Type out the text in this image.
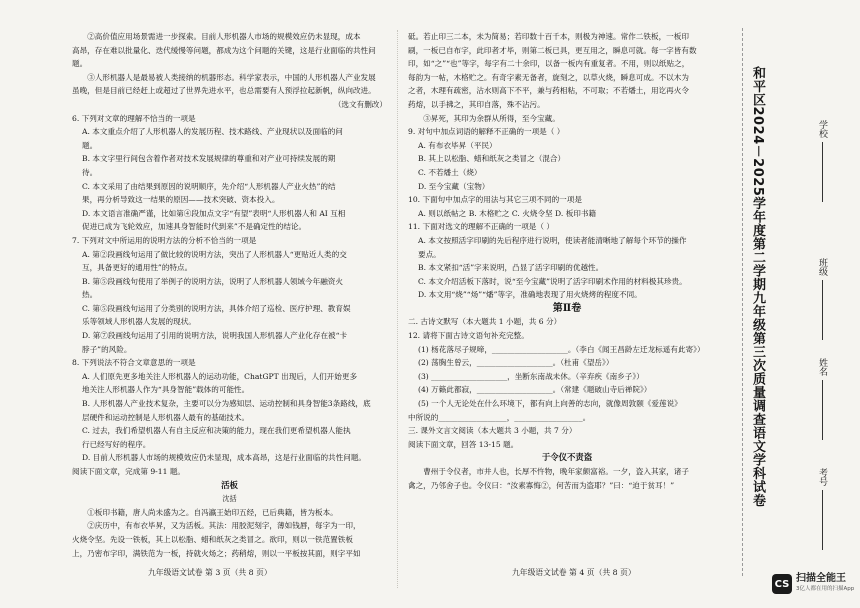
②高价值应用场景需进一步探索。目前人形机器人市场的规模效应仍未显现，成本

高昂，存在难以批量化、迭代缓慢等问题，都成为这个问题的关键，这是行业面临的共性问题。

③人形机器人是最易被人类接纳的机器形态。科学家表示，中国的人形机器人产业发展

虽晚，但是目前已经赶上或超过了世界先进水平，也总需要有人预浮拉起新帆，纵向改进。

（选文有删改）

6. 下列对文章的理解不恰当的一项是

A. 本文重点介绍了人形机器人的发展历程、技术路线、产业现状以及面临的问

题。

B. 本文字里行间包含着作者对技术发展规律的尊重和对产业可持续发展的期

待。

C. 本文采用了由结果到原因的说明顺序，先介绍“人形机器人产业火热”的结

果，再分析导致这一结果的原因——技术突破、资本投入。

D. 本文语言准确严谨，比如第④段加点文字“有望”表明“人形机器人和 AI 互相

促进已成为飞轮效应，加速具身智能时代到来”不是确定性的结论。

7. 下列对文中所运用的说明方法的分析不恰当的一项是

A. 第②段画线句运用了做比较的说明方法，突出了人形机器人“更贴近人类的交

互，具备更好的通用性”的特点。

B. 第⑤段画线句使用了举例子的说明方法，说明了人形机器人领域今年融资火

热。

C. 第⑤段画线句运用了分类别的说明方法，具体介绍了巡检、医疗护理、教育娱

乐等领域人形机器人发展的现状。

D. 第⑦段画线句运用了引用的说明方法，说明我国人形机器人产业化存在被“卡

脖子”的风险。

8. 下列说法不符合文章意思的一项是

A. 人们原先更多地关注人形机器人的运动功能，ChatGPT 出现后，人们开始更多

地关注人形机器人作为“具身智能”载体的可能性。

B. 人形机器人产业技术复杂，主要可以分为感知层、运动控制和具身智能3条路线，底

层硬件和运动控制是人形机器人最有的基础技术。

C. 过去，我们希望机器人有自主反应和决策的能力，现在我们更希望机器人能执

行已经写好的程序。

D. 目前人形机器人市场的规模效应仍未显现，成本高昂，这是行业面临的共性问题。

阅读下面文章，完成第 9-11 题。

活板

沈括

①板印书籍，唐人尚未盛为之。自冯瀛王始印五经，已后典籍，皆为板本。

②庆历中，有布衣毕昇，又为活板。其法：用胶泥刻字，薄如钱唇，每字为一印，

火烧令坚。先设一铁板，其上以松脂、蜡和纸灰之类冒之。欲印，则以一铁范置铁板

上，乃密布字印，满铁范为一板，持就火炀之；药稍熔，则以一平板按其面，则字平如

砥。若止印三二本，未为简易；若印数十百千本，则极为神速。常作二铁板，一板印

刷，一板已自布字，此印者才毕，则第二板已具，更互用之，瞬息可就。每一字皆有数

印，如“之”“也”等字，每字有二十余印，以备一板内有重复者。不用，则以纸贴之，

每韵为一帖，木格贮之。有奇字素无备者，旋刻之，以草火烧，瞬息可成。不以木为

之者，木理有疏密，沾水则高下不平，兼与药相粘，不可取；不若燔土，用讫再火令

药熔，以手拂之，其印自落，殊不沾污。

③昇死，其印为余群从所得，至今宝藏。

9. 对句中加点词语的解释不正确的一项是（ ）

A. 有布衣毕昇（平民）

B. 其上以松脂、蜡和纸灰之类冒之（混合）

C. 不若燔土（烧）

D. 至今宝藏（宝物）

10. 下面句中加点字的用法与其它三项不同的一项是

A. 则以纸帖之 B. 木格贮之 C. 火烧令坚 D. 板印书籍

11. 下面对选文的理解不正确的一项是（ ）

A. 本文按照活字印刷的先后程序进行说明，使读者能清晰地了解每个环节的操作

要点。

B. 本文紧扣“活”字来说明，凸显了活字印刷的优越性。

C. 本文介绍活板下落时，说“至今宝藏”说明了活字印刷术作用的材料极其珍贵。

D. 本文用“烧”“炀”“燔”等字，准确地表现了用火烧烤的程度不同。

第Ⅱ卷

二. 古诗文默写（本大题共 1 小题，共 6 分）

12. 请将下面古诗文语句补充完整。

(1) 杨花落尽子规啼，____________________。（李白《闻王昌龄左迁龙标遥有此寄》）

(2) 荡胸生曾云，____________________。（杜甫《望岳》）

(3) ____________________，坐断东南战未休。（辛弃疾《南乡子》）

(4) 万籁此都寂，____________________。（常建《题破山寺后禅院》）

(5) 一个人无论处在什么环境下，都有向上向善的志向，就像周敦颐《爱莲说》

中所说的__________________，__________________。

三. 课外文言文阅读（本大题共 3 小题，共 7 分）

阅读下面文章，回答 13-15 题。

于令仪不责盗

曹州于令仪者，市井人也，长厚不忤物，晚年家颇富裕。一夕，盗入其家，诸子

禽之，乃邻舍子也。令仪曰：“汝素寡悔②，何苦而为盗耶？”曰：“迫于贫耳！”

九年级语文试卷 第 3 页（共 8 页）	九年级语文试卷 第 4 页（共 8 页）
和平区2024－2025学年度第二学期九年级第三次质量调查语文学科试卷	学校
班级
姓名
考号
CS 扫描全能王
3亿人都在用的扫描App
